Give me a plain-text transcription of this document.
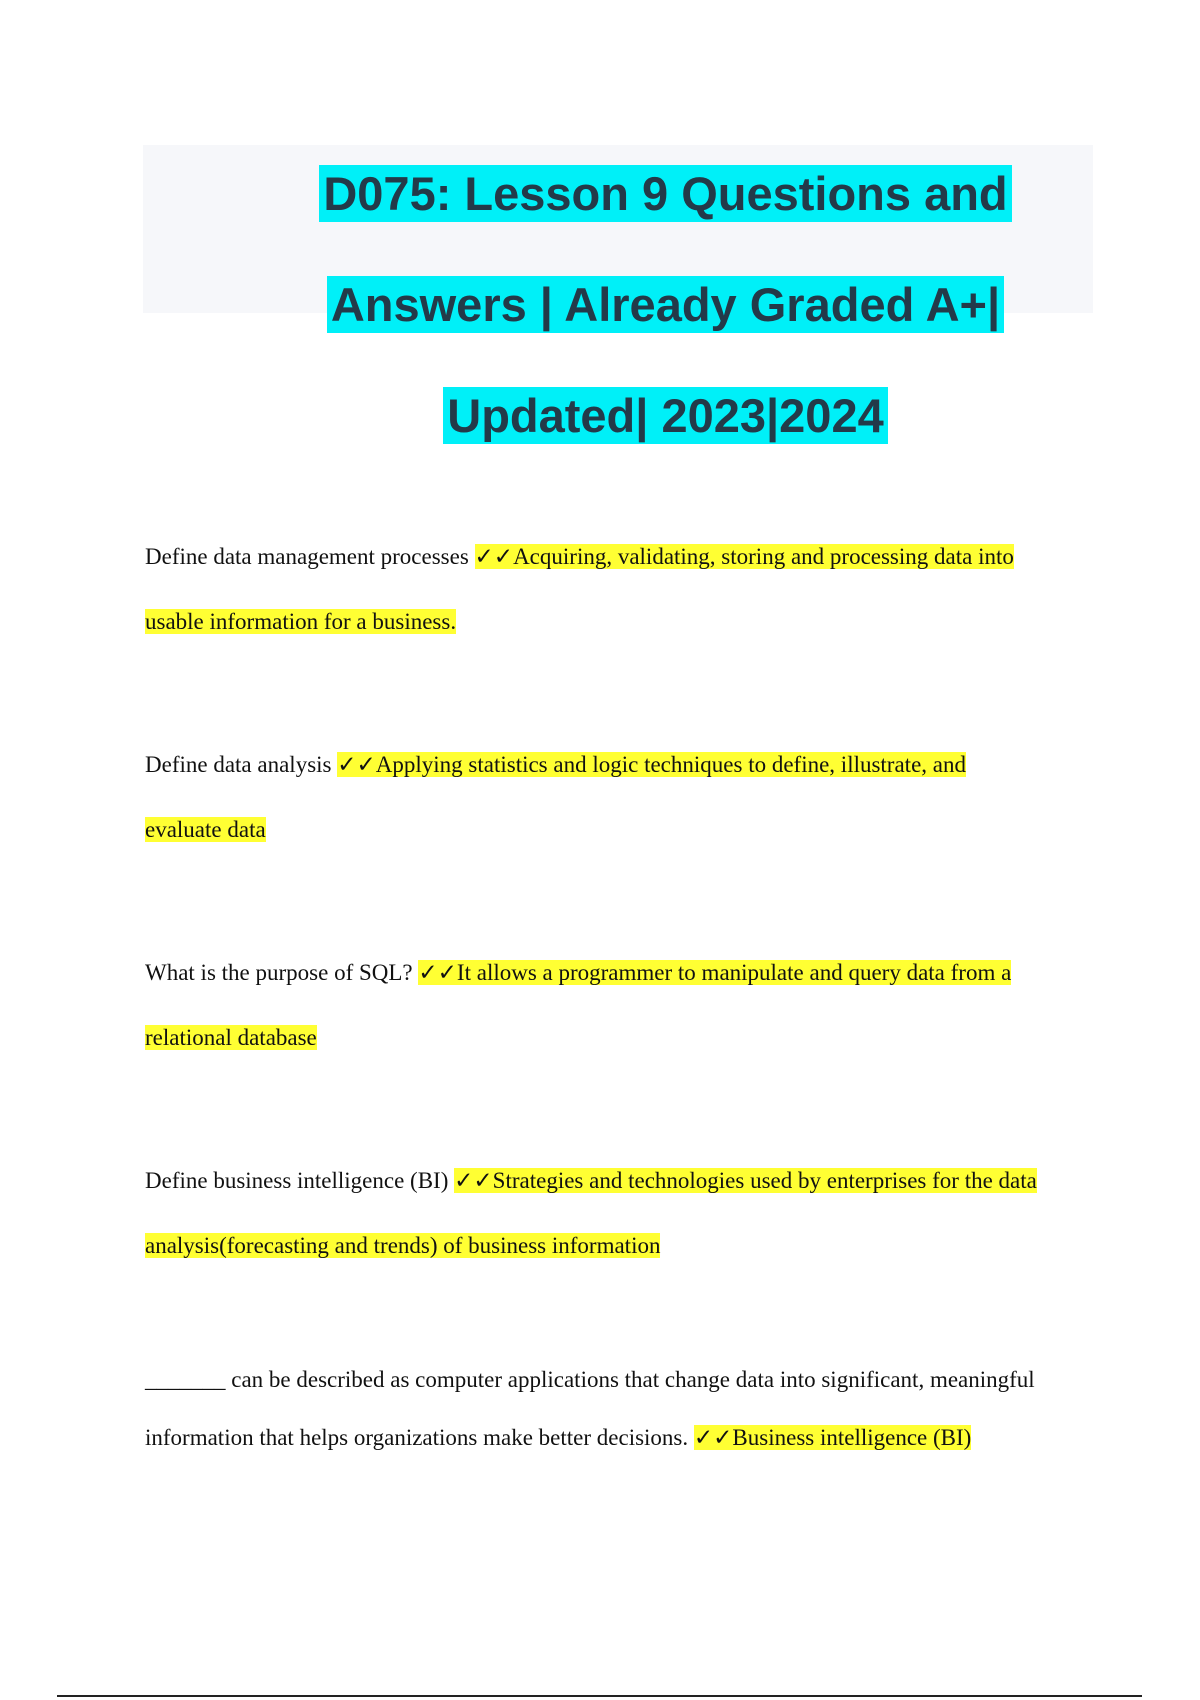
D075: Lesson 9 Questions and
Answers | Already Graded A+|
Updated| 2023|2024

Define data management processes ✓✓Acquiring, validating, storing and processing data into usable information for a business.

Define data analysis ✓✓Applying statistics and logic techniques to define, illustrate, and evaluate data

What is the purpose of SQL? ✓✓It allows a programmer to manipulate and query data from a relational database

Define business intelligence (BI) ✓✓Strategies and technologies used by enterprises for the data analysis(forecasting and trends) of business information

_______ can be described as computer applications that change data into significant, meaningful information that helps organizations make better decisions. ✓✓Business intelligence (BI)
